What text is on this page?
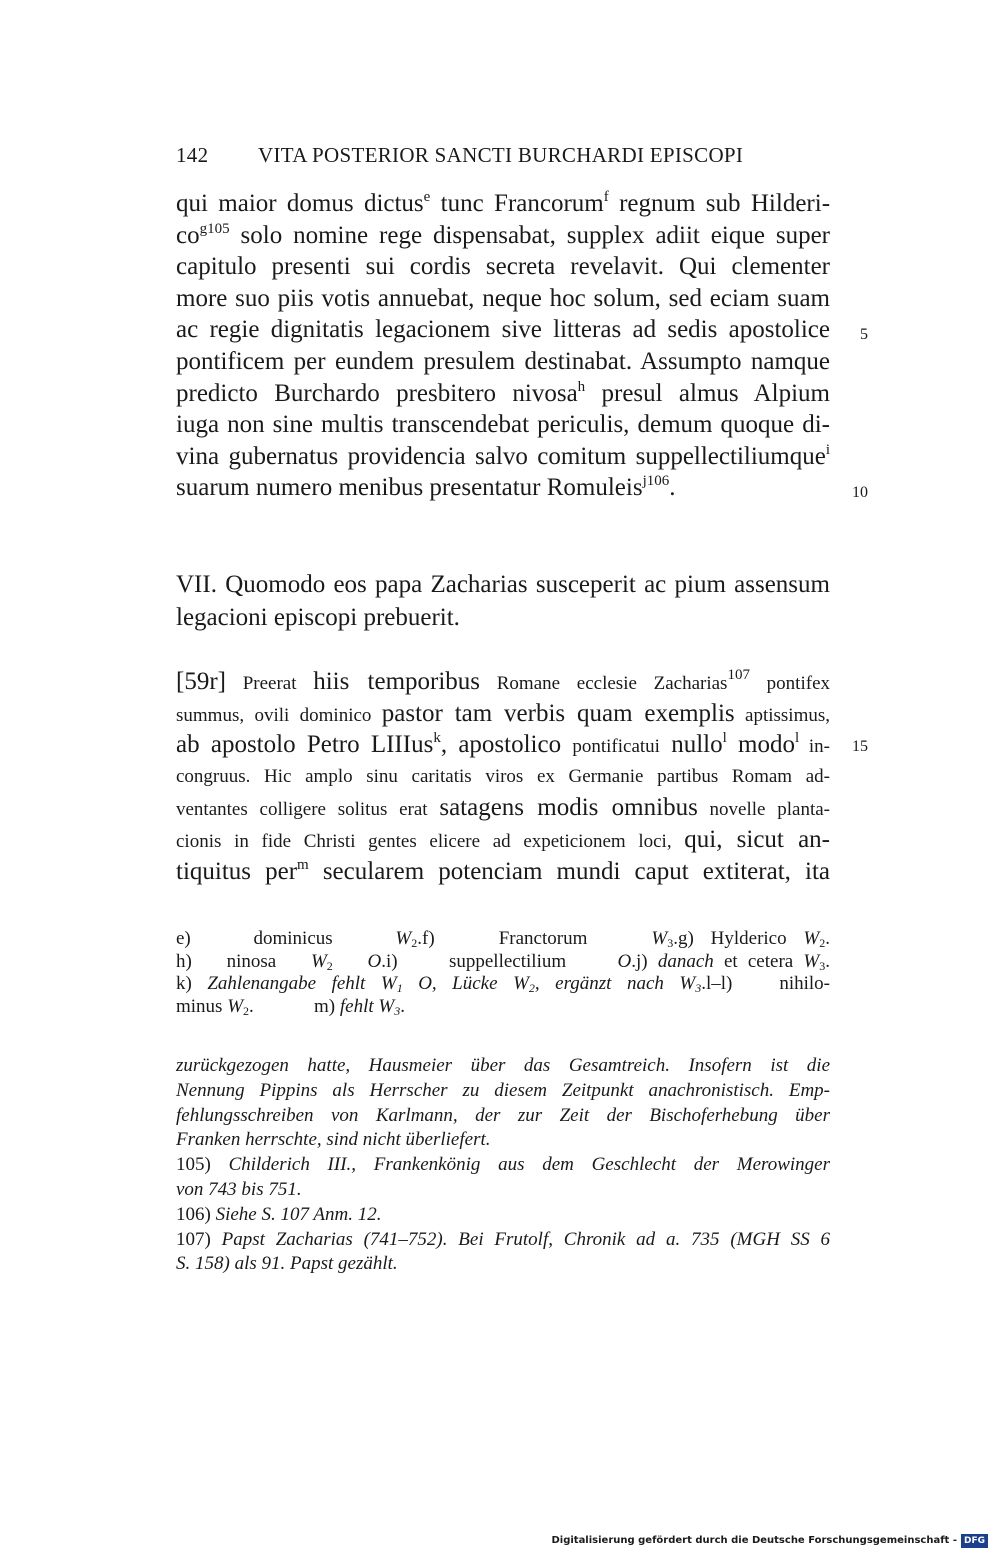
142 VITA POSTERIOR SANCTI BURCHARDI EPISCOPI
qui maior domus dictus$^e$ tunc Francorum$^f$ regnum sub Hilderi-
$co^{g105}$ solo nomine rege dispensabat, supplex adiit eique super
capitulo presenti sui cordis secreta revelavit. Qui clementer
more suo piis votis annuebat, neque hoc solum, sed eciam suam
ac regie dignitatis legacionem sive litteras ad sedis apostolice
pontificem per eundem presulem destinabat. Assumpto namque
predicto Burchardo presbitero nivosa$^h$ presul almus Alpium
iuga non sine multis transcendebat periculis, demum quoque di-
vina gubernatus providencia salvo comitum suppellectiliumque$^i$
suarum numero menibus presentatur Romuleis$^{j106}$.
5
10
15
VII. Quomodo eos papa Zacharias susceperit ac pium assensum
legacioni episcopi prebuerit.
[59r] Preerat hiis temporibus Romane ecclesie Zacharias$^{107}$ pontifex
summus, ovili dominico pastor tam verbis quam exemplis aptissimus,
ab apostolo Petro LIIIus$^k$, apostolico pontificatui nullo$^l$ modo$^l$ in-
congruus. Hic amplo sinu caritatis viros ex Germanie partibus Romam ad-
ventantes colligere solitus erat satagens modis omnibus novelle planta-
cionis in fide Christi gentes elicere ad expeticionem loci, qui, sicut an-
tiquitus per$^m$ secularem potenciam mundi caput extiterat, ita
e) dominicus $W_2.f$) Franctorum $W_3.g$) Hylderico $W_2$.
h) ninosa $W_2$ O.i) suppellectilium O.j) danach et cetera $W_3$.
k) Zahlenangabe fehlt $W_1$ O, Lücke $W_2$, ergänzt nach $W_3.l-l$) nihilo-
minus $W_2$.	m) fehlt $W_3$.
zurückgezogen hatte, Hausmeier über das Gesamtreich. Insofern ist die
Nennung Pippins als Herrscher zu diesem Zeitpunkt anachronistisch. Emp-
fehlungsschreiben von Karlmann, der zur Zeit der Bischoferhebung über
Franken herrschte, sind nicht überliefert.
105) Childerich III., Frankenkönig aus dem Geschlecht der Merowinger
von 743 bis 751.
106) Siehe S. 107 Anm. 12.
107) Papst Zacharias (741–752). Bei Frutolf, Chronik ad a. 735 (MGH SS 6
S. 158) als 91. Papst gezählt.
Digitalisierung gefördert durch die Deutsche Forschungsgemeinschaft - DFG
